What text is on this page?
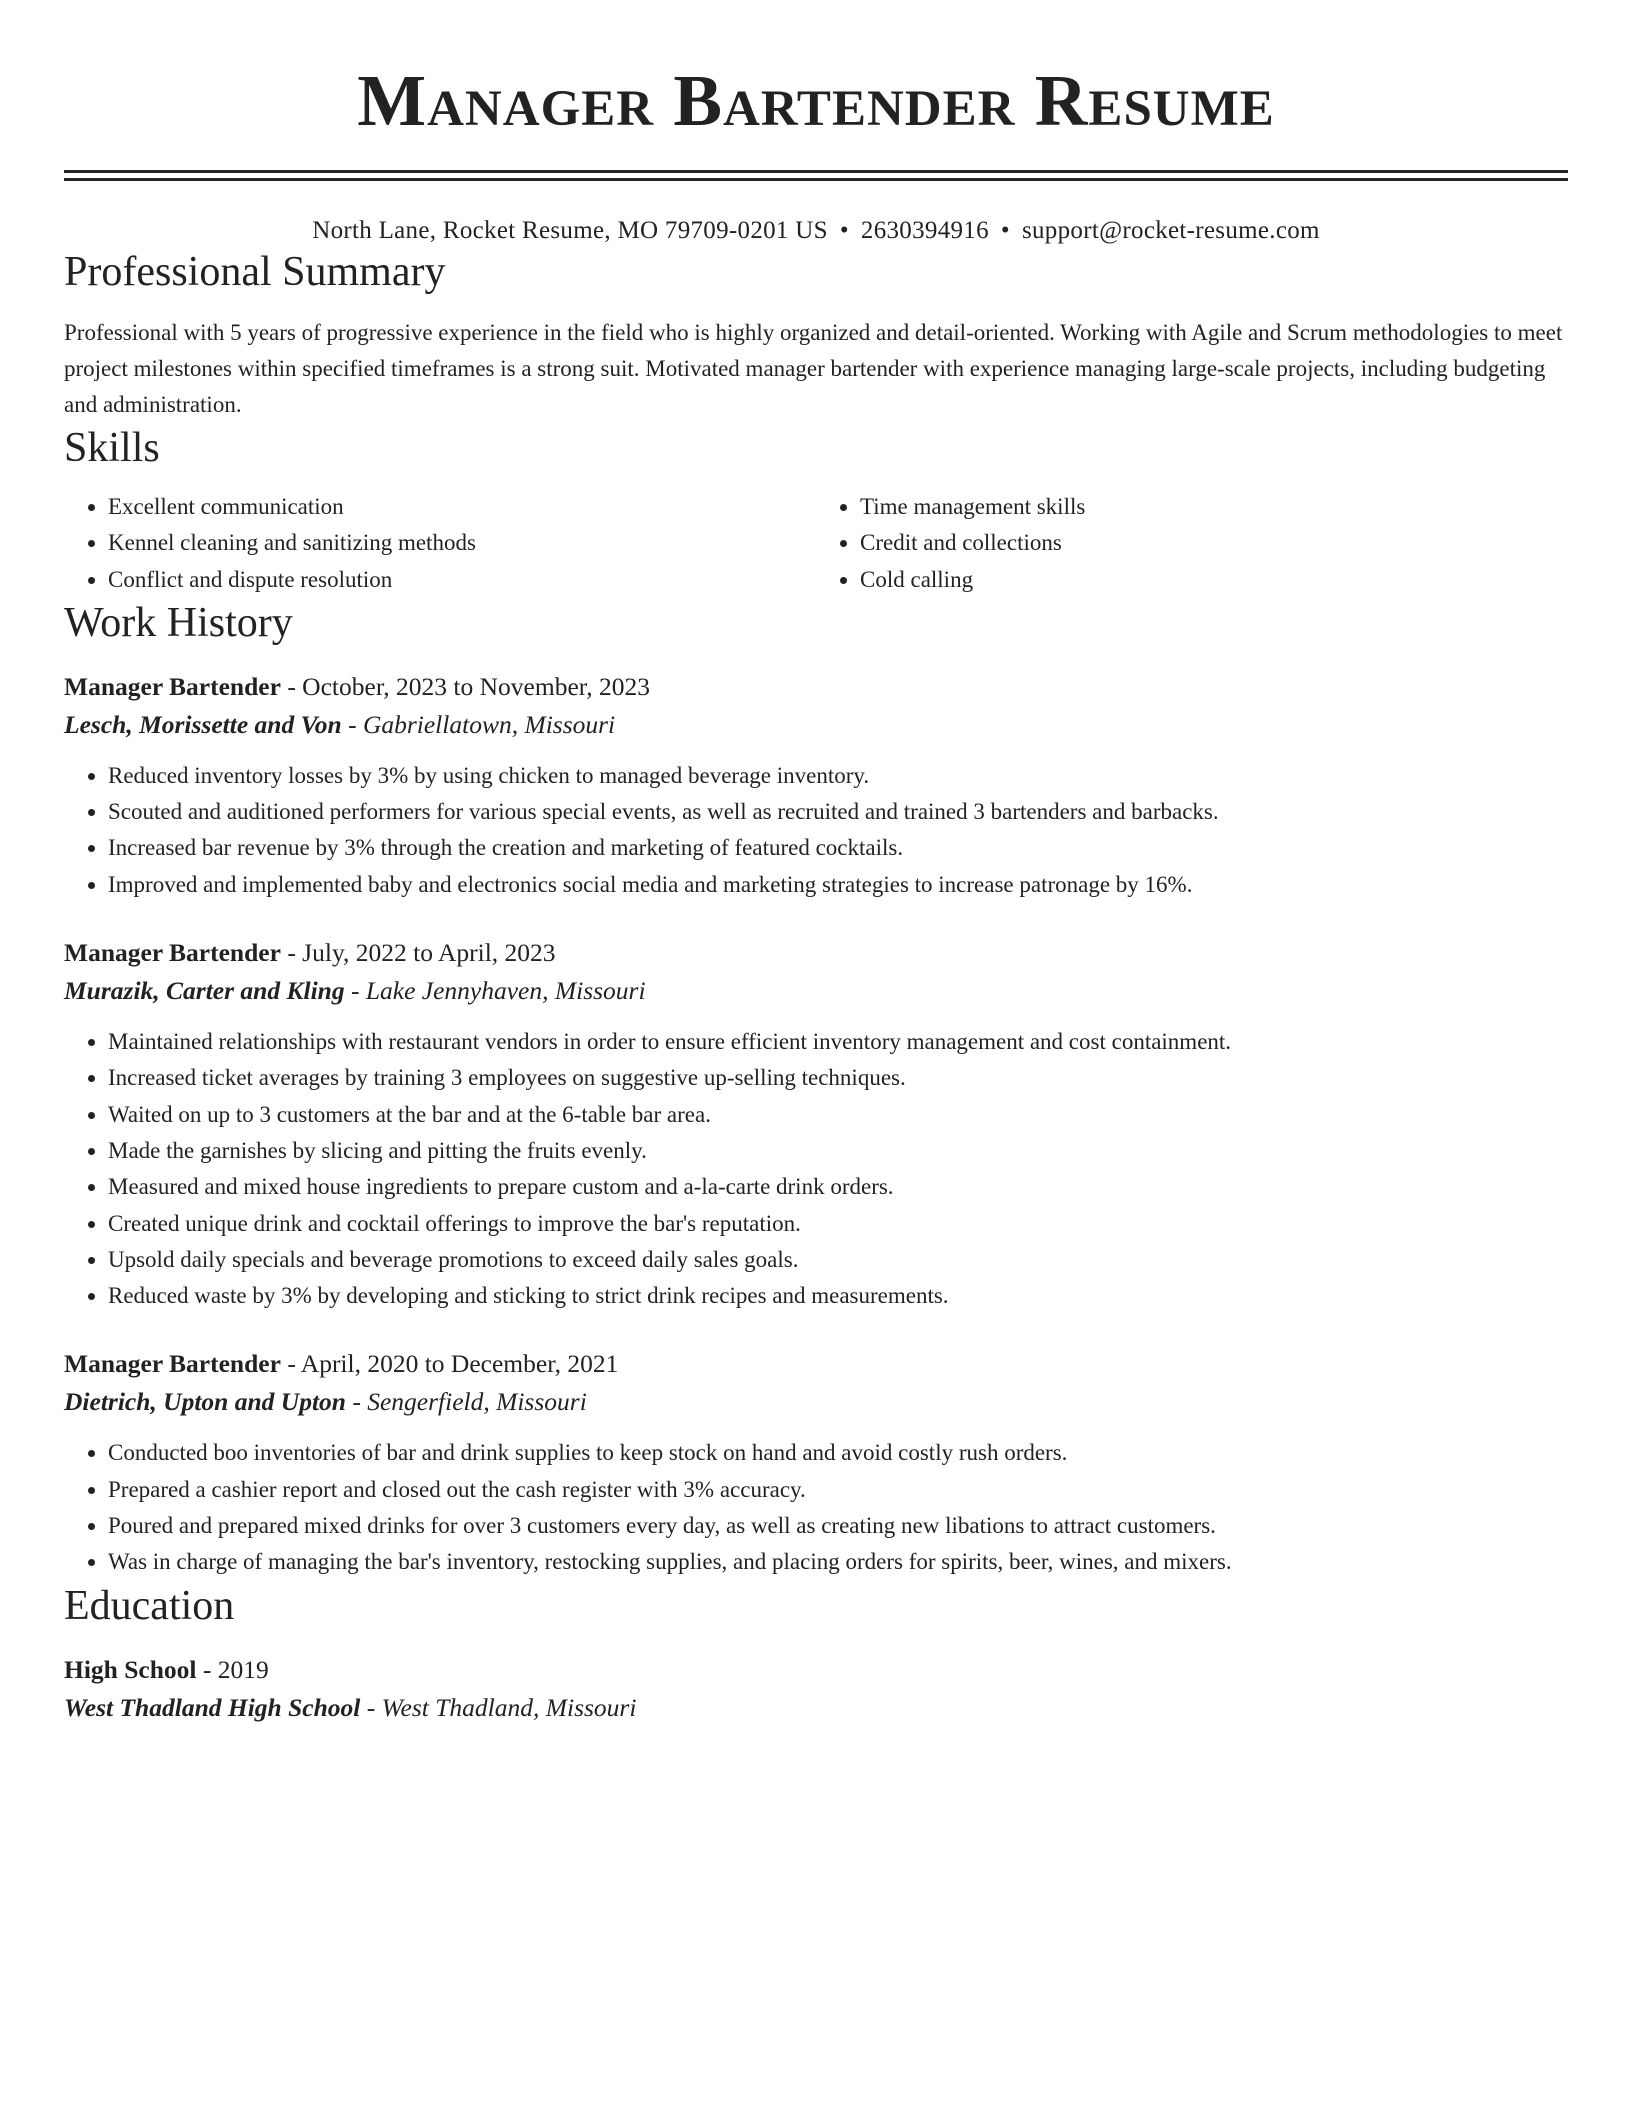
Manager Bartender Resume
North Lane, Rocket Resume, MO 79709-0201 US • 2630394916 • support@rocket-resume.com
Professional Summary
Professional with 5 years of progressive experience in the field who is highly organized and detail-oriented. Working with Agile and Scrum methodologies to meet project milestones within specified timeframes is a strong suit. Motivated manager bartender with experience managing large-scale projects, including budgeting and administration.
Skills
• Excellent communication
• Kennel cleaning and sanitizing methods
• Conflict and dispute resolution
• Time management skills
• Credit and collections
• Cold calling
Work History
Manager Bartender - October, 2023 to November, 2023
Lesch, Morissette and Von - Gabriellatown, Missouri
• Reduced inventory losses by 3% by using chicken to managed beverage inventory.
• Scouted and auditioned performers for various special events, as well as recruited and trained 3 bartenders and barbacks.
• Increased bar revenue by 3% through the creation and marketing of featured cocktails.
• Improved and implemented baby and electronics social media and marketing strategies to increase patronage by 16%.
Manager Bartender - July, 2022 to April, 2023
Murazik, Carter and Kling - Lake Jennyhaven, Missouri
• Maintained relationships with restaurant vendors in order to ensure efficient inventory management and cost containment.
• Increased ticket averages by training 3 employees on suggestive up-selling techniques.
• Waited on up to 3 customers at the bar and at the 6-table bar area.
• Made the garnishes by slicing and pitting the fruits evenly.
• Measured and mixed house ingredients to prepare custom and a-la-carte drink orders.
• Created unique drink and cocktail offerings to improve the bar's reputation.
• Upsold daily specials and beverage promotions to exceed daily sales goals.
• Reduced waste by 3% by developing and sticking to strict drink recipes and measurements.
Manager Bartender - April, 2020 to December, 2021
Dietrich, Upton and Upton - Sengerfield, Missouri
• Conducted boo inventories of bar and drink supplies to keep stock on hand and avoid costly rush orders.
• Prepared a cashier report and closed out the cash register with 3% accuracy.
• Poured and prepared mixed drinks for over 3 customers every day, as well as creating new libations to attract customers.
• Was in charge of managing the bar's inventory, restocking supplies, and placing orders for spirits, beer, wines, and mixers.
Education
High School - 2019
West Thadland High School - West Thadland, Missouri
